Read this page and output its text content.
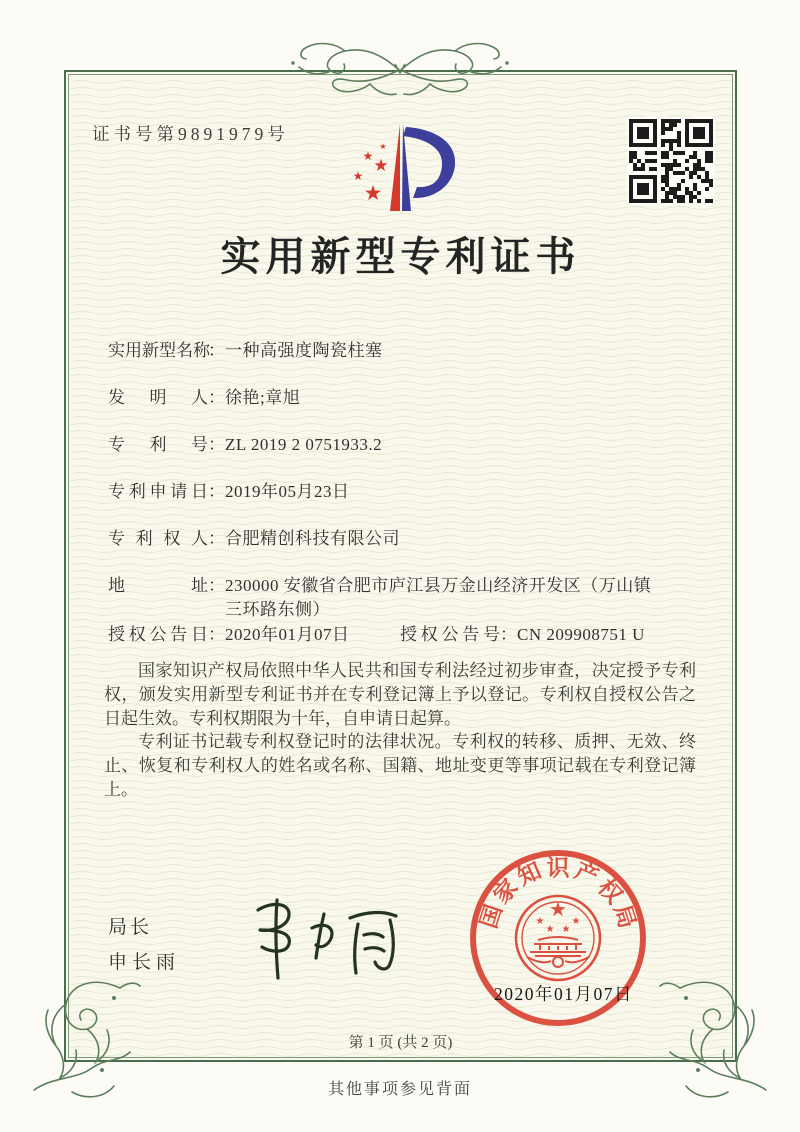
证书号第9891979号
★
★ ★
★
★
实用新型专利证书
实用新型名称：一种高强度陶瓷柱塞
发明人：徐艳;章旭
专利号：ZL 2019 2 0751933.2
专利申请日：2019年05月23日
专利权人：合肥精创科技有限公司
地址：230000 安徽省合肥市庐江县万金山经济开发区（万山镇三环路东侧）
授权公告日：2020年01月07日	授权公告号：CN 209908751 U

国家知识产权局依照中华人民共和国专利法经过初步审查，决定授予专利权，颁发实用新型专利证书并在专利登记簿上予以登记。专利权自授权公告之日起生效。专利权期限为十年，自申请日起算。

专利证书记载专利权登记时的法律状况。专利权的转移、质押、无效、终止、恢复和专利权人的姓名或名称、国籍、地址变更等事项记载在专利登记簿上。

局长
申长雨
国
家
知 识 产
权
局
★
★	★
★ ★
2020年01月07日
第 1 页 (共 2 页)
其他事项参见背面
